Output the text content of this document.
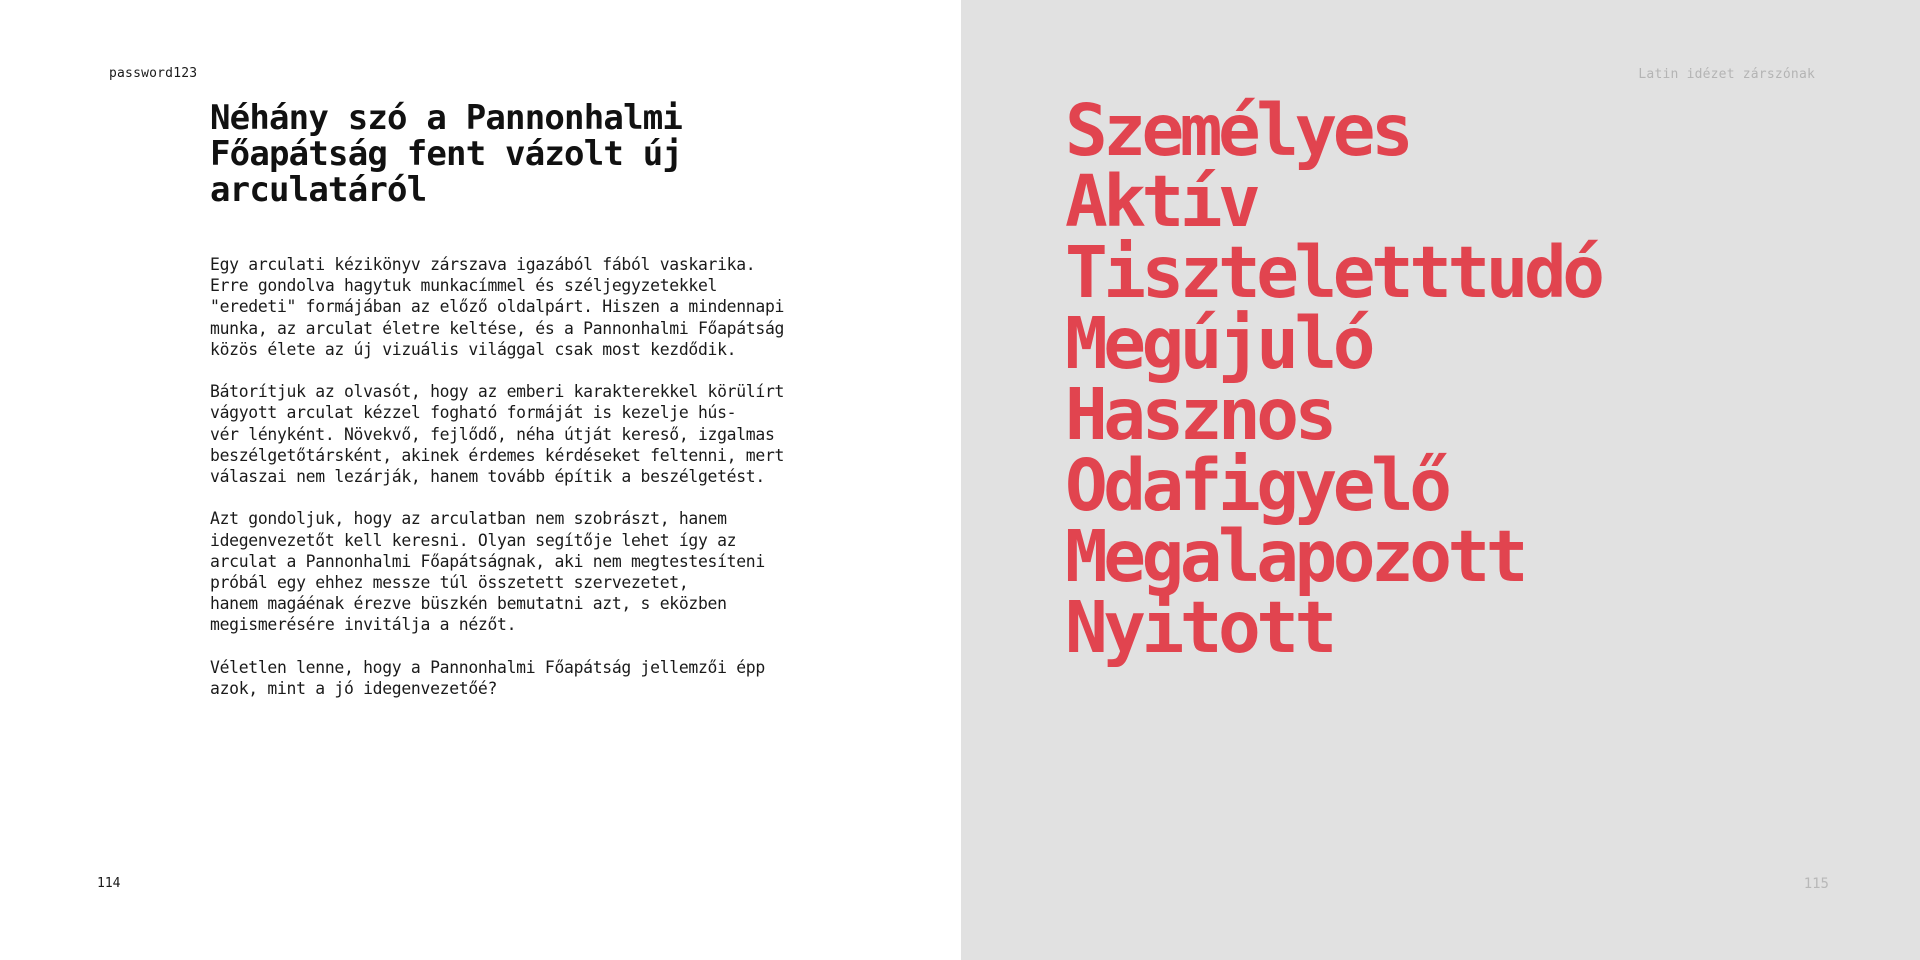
password123
Néhány szó a Pannonhalmi Főapátság fent vázolt új arculatáról

Egy arculati kézikönyv zárszava igazából fából vaskarika.
Erre gondolva hagytuk munkacímmel és széljegyzetekkel
"eredeti" formájában az előző oldalpárt. Hiszen a mindennapi
munka, az arculat életre keltése, és a Pannonhalmi Főapátság
közös élete az új vizuális világgal csak most kezdődik.

Bátorítjuk az olvasót, hogy az emberi karakterekkel körülírt
vágyott arculat kézzel fogható formáját is kezelje hús-
vér lényként. Növekvő, fejlődő, néha útját kereső, izgalmas
beszélgetőtársként, akinek érdemes kérdéseket feltenni, mert
válaszai nem lezárják, hanem tovább építik a beszélgetést.

Azt gondoljuk, hogy az arculatban nem szobrászt, hanem
idegenvezetőt kell keresni. Olyan segítője lehet így az
arculat a Pannonhalmi Főapátságnak, aki nem megtestesíteni
próbál egy ehhez messze túl összetett szervezetet,
hanem magáénak érezve büszkén bemutatni azt, s eközben
megismerésére invitálja a nézőt.

Véletlen lenne, hogy a Pannonhalmi Főapátság jellemzői épp
azok, mint a jó idegenvezetőé?

114
Latin idézet zárszónak
Személyes
Aktív
Tiszteletttudó
Megújuló
Hasznos
Odafigyelő
Megalapozott
Nyitott
115
